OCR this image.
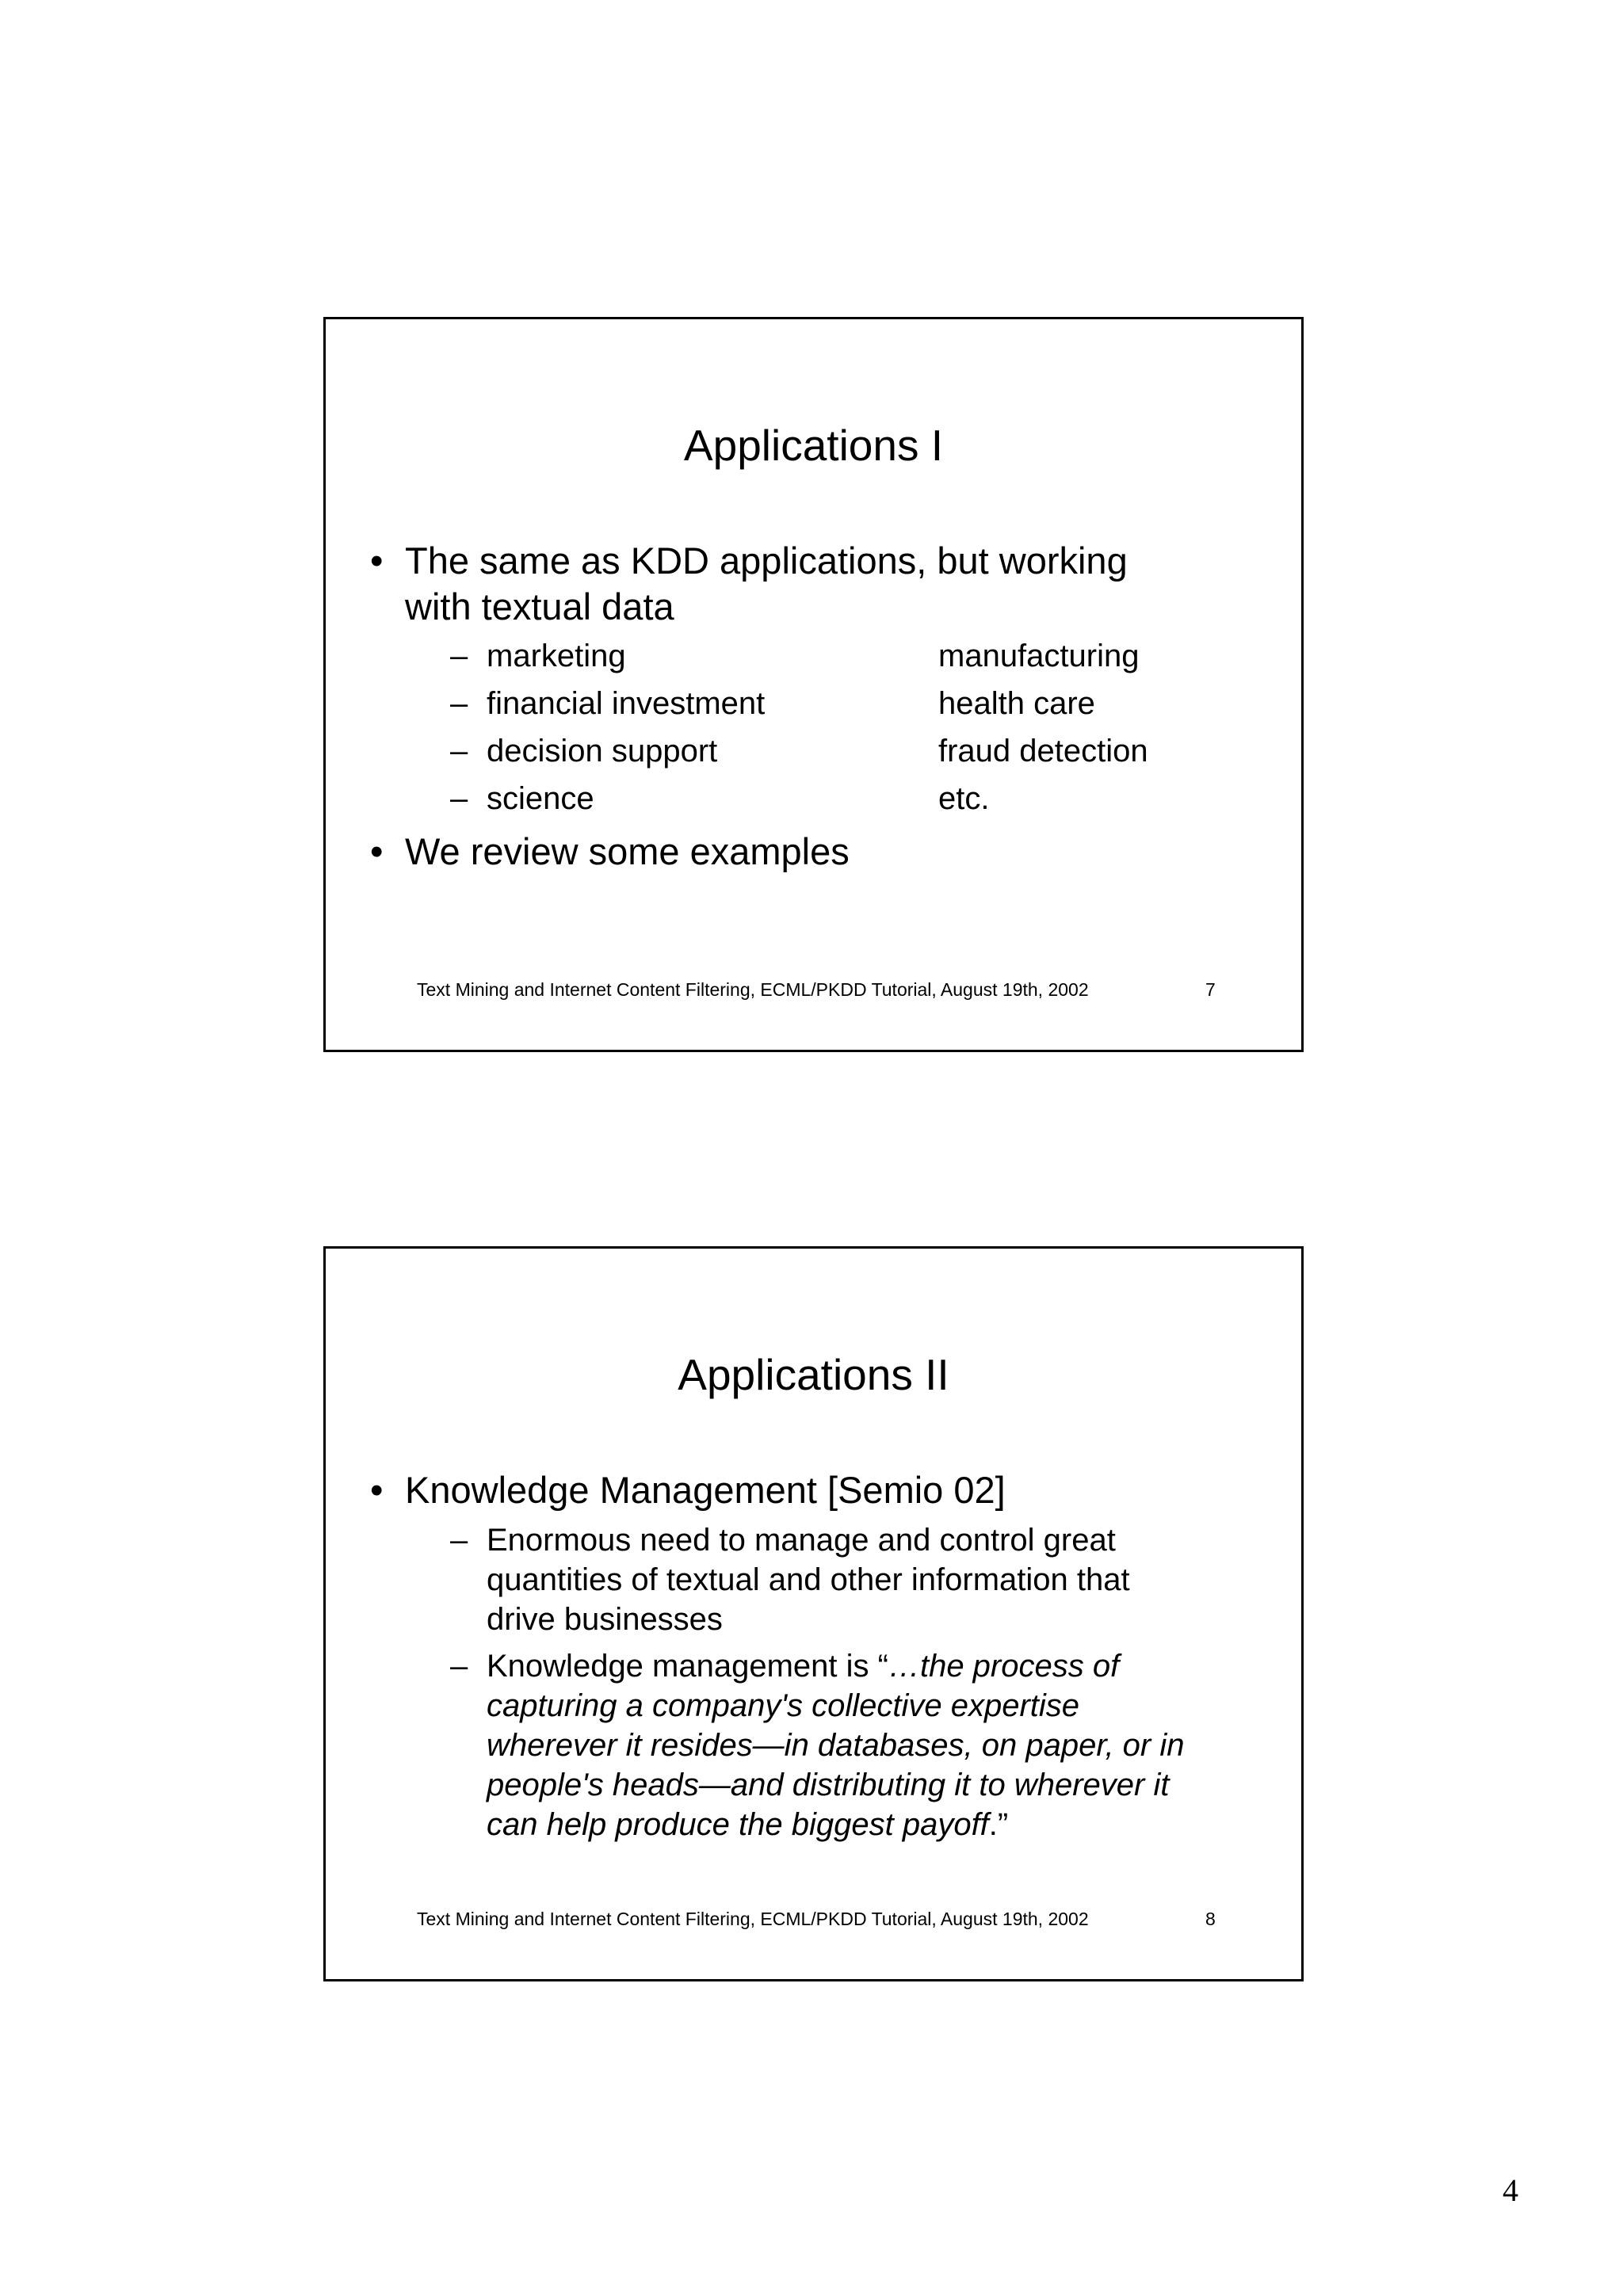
Applications I
• The same as KDD applications, but working
with textual data
– marketing	manufacturing
– financial investment	health care
– decision support	fraud detection
– science	etc.
• We review some examples
Text Mining and Internet Content Filtering, ECML/PKDD Tutorial, August 19th, 2002	7
Applications II
• Knowledge Management [Semio 02]
– Enormous need to manage and control great
quantities of textual and other information that
drive businesses
– Knowledge management is “…the process of
capturing a company's collective expertise
wherever it resides—in databases, on paper, or in
people's heads—and distributing it to wherever it
can help produce the biggest payoff.”
Text Mining and Internet Content Filtering, ECML/PKDD Tutorial, August 19th, 2002	8
4
